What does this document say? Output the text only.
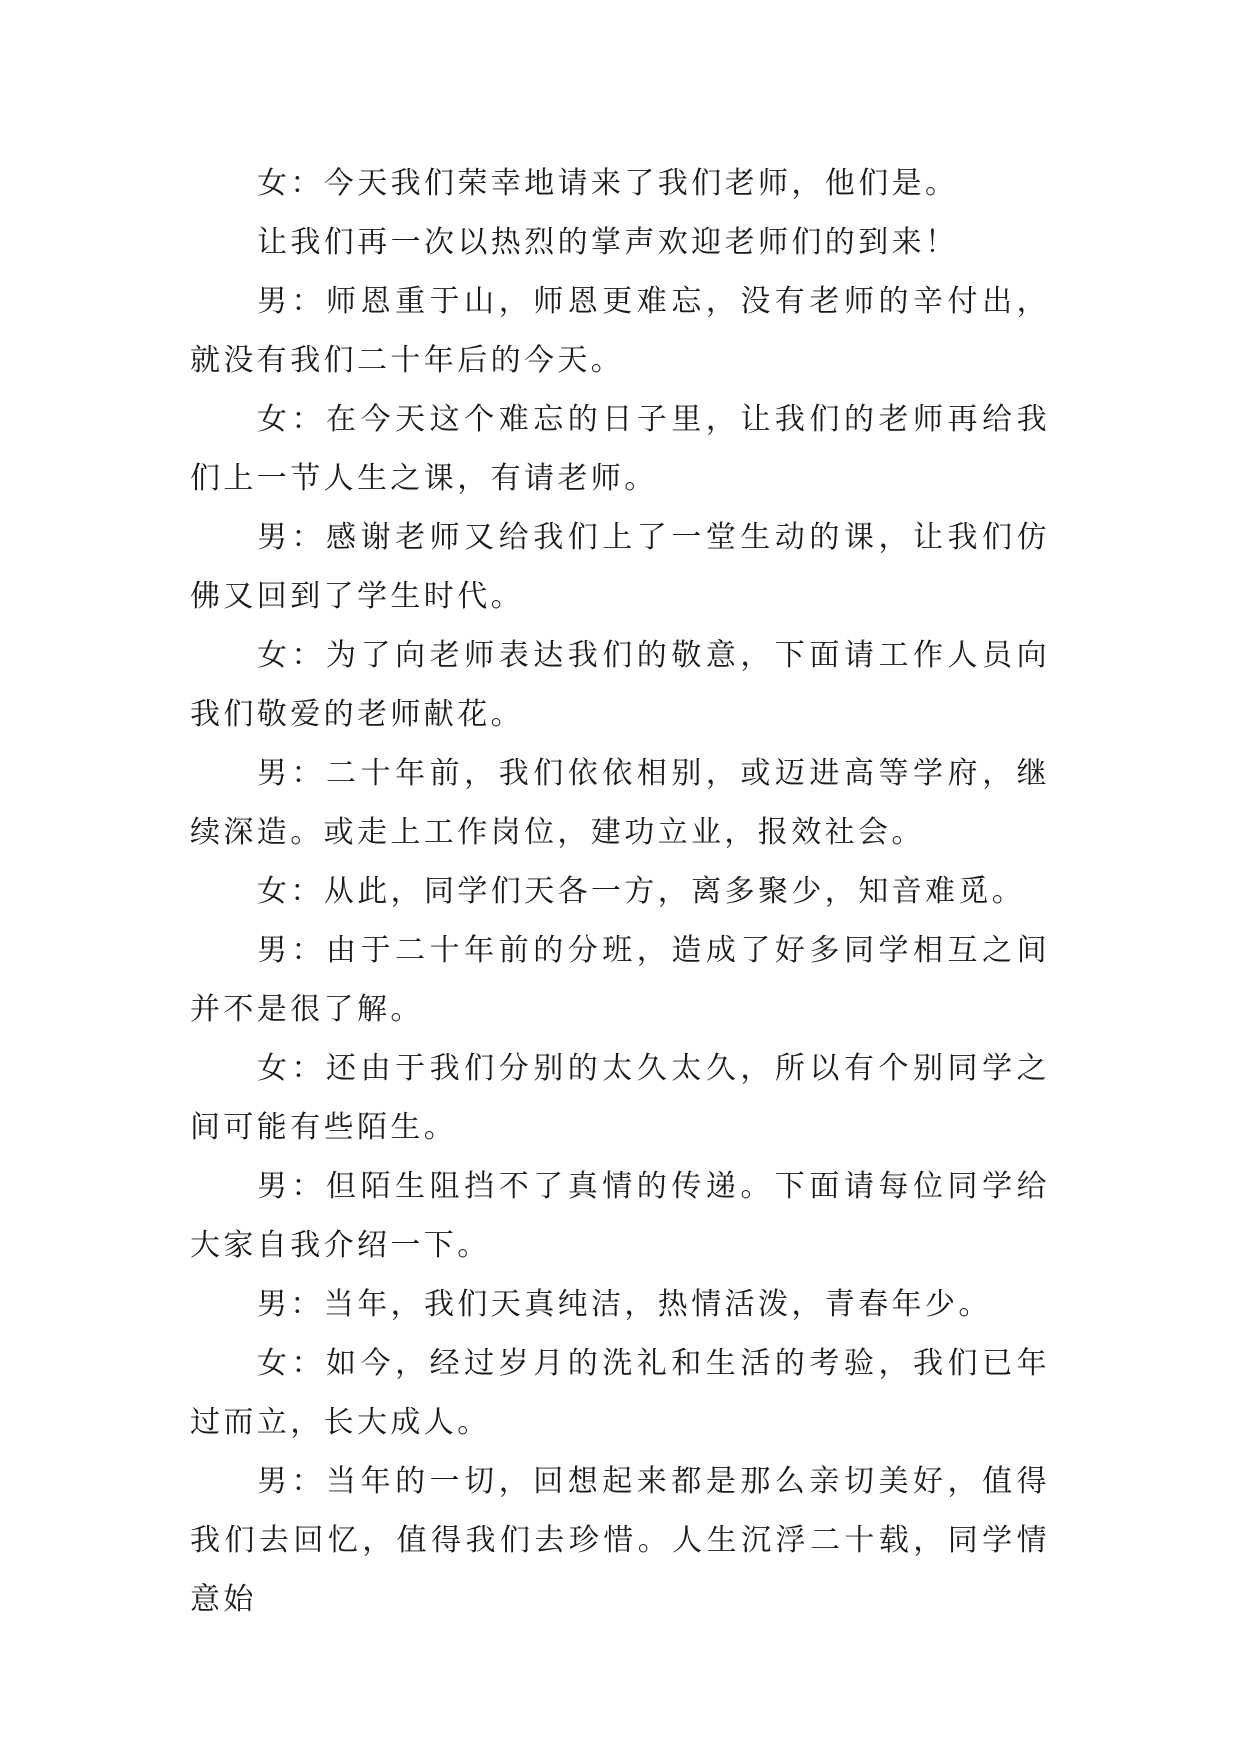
女：今天我们荣幸地请来了我们老师，他们是。

让我们再一次以热烈的掌声欢迎老师们的到来！

男：师恩重于山，师恩更难忘，没有老师的辛付出，就没有我们二十年后的今天。

女：在今天这个难忘的日子里，让我们的老师再给我们上一节人生之课，有请老师。

男：感谢老师又给我们上了一堂生动的课，让我们仿佛又回到了学生时代。

女：为了向老师表达我们的敬意，下面请工作人员向我们敬爱的老师献花。

男：二十年前，我们依依相别，或迈进高等学府，继续深造。或走上工作岗位，建功立业，报效社会。

女：从此，同学们天各一方，离多聚少，知音难觅。

男：由于二十年前的分班，造成了好多同学相互之间并不是很了解。

女：还由于我们分别的太久太久，所以有个别同学之间可能有些陌生。

男：但陌生阻挡不了真情的传递。下面请每位同学给大家自我介绍一下。

男：当年，我们天真纯洁，热情活泼，青春年少。

女：如今，经过岁月的洗礼和生活的考验，我们已年过而立，长大成人。

男：当年的一切，回想起来都是那么亲切美好，值得我们去回忆，值得我们去珍惜。人生沉浮二十载，同学情意始
